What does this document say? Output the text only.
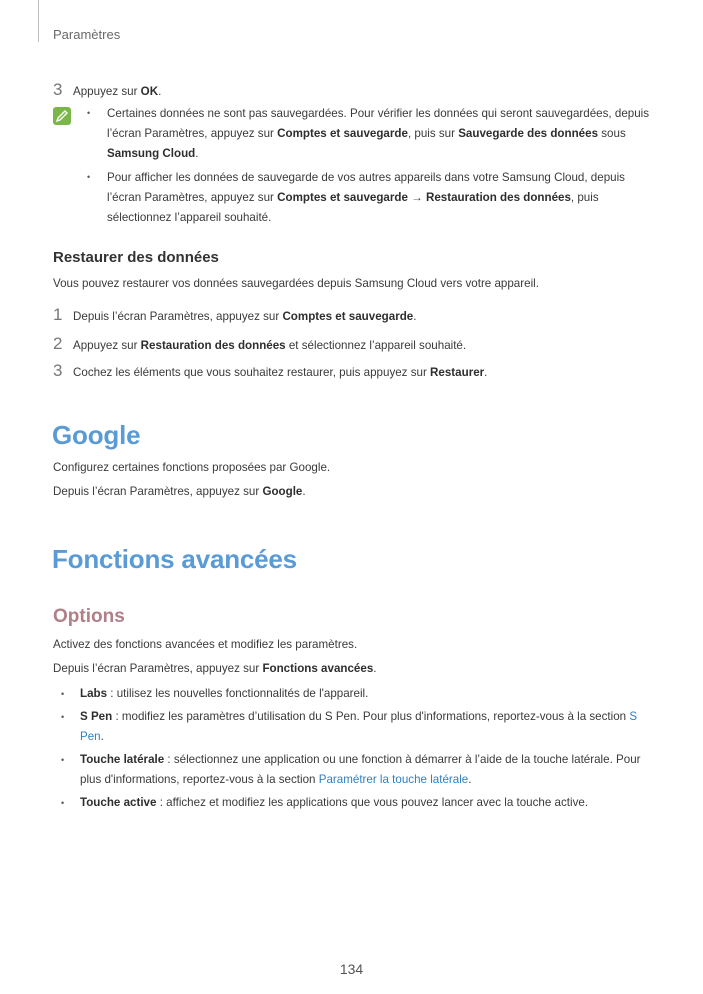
Paramètres
3 Appuyez sur OK.
• Certaines données ne sont pas sauvegardées. Pour vérifier les données qui seront sauvegardées, depuis l’écran Paramètres, appuyez sur Comptes et sauvegarde, puis sur Sauvegarde des données sous Samsung Cloud.
• Pour afficher les données de sauvegarde de vos autres appareils dans votre Samsung Cloud, depuis l’écran Paramètres, appuyez sur Comptes et sauvegarde → Restauration des données, puis sélectionnez l’appareil souhaité.
Restaurer des données
Vous pouvez restaurer vos données sauvegardées depuis Samsung Cloud vers votre appareil.
1 Depuis l’écran Paramètres, appuyez sur Comptes et sauvegarde.
2 Appuyez sur Restauration des données et sélectionnez l’appareil souhaité.
3 Cochez les éléments que vous souhaitez restaurer, puis appuyez sur Restaurer.
Google
Configurez certaines fonctions proposées par Google.
Depuis l’écran Paramètres, appuyez sur Google.
Fonctions avancées
Options
Activez des fonctions avancées et modifiez les paramètres.
Depuis l’écran Paramètres, appuyez sur Fonctions avancées.
• Labs : utilisez les nouvelles fonctionnalités de l'appareil.
• S Pen : modifiez les paramètres d’utilisation du S Pen. Pour plus d'informations, reportez-vous à la section S Pen.
• Touche latérale : sélectionnez une application ou une fonction à démarrer à l’aide de la touche latérale. Pour plus d'informations, reportez-vous à la section Paramétrer la touche latérale.
• Touche active : affichez et modifiez les applications que vous pouvez lancer avec la touche active.
134
